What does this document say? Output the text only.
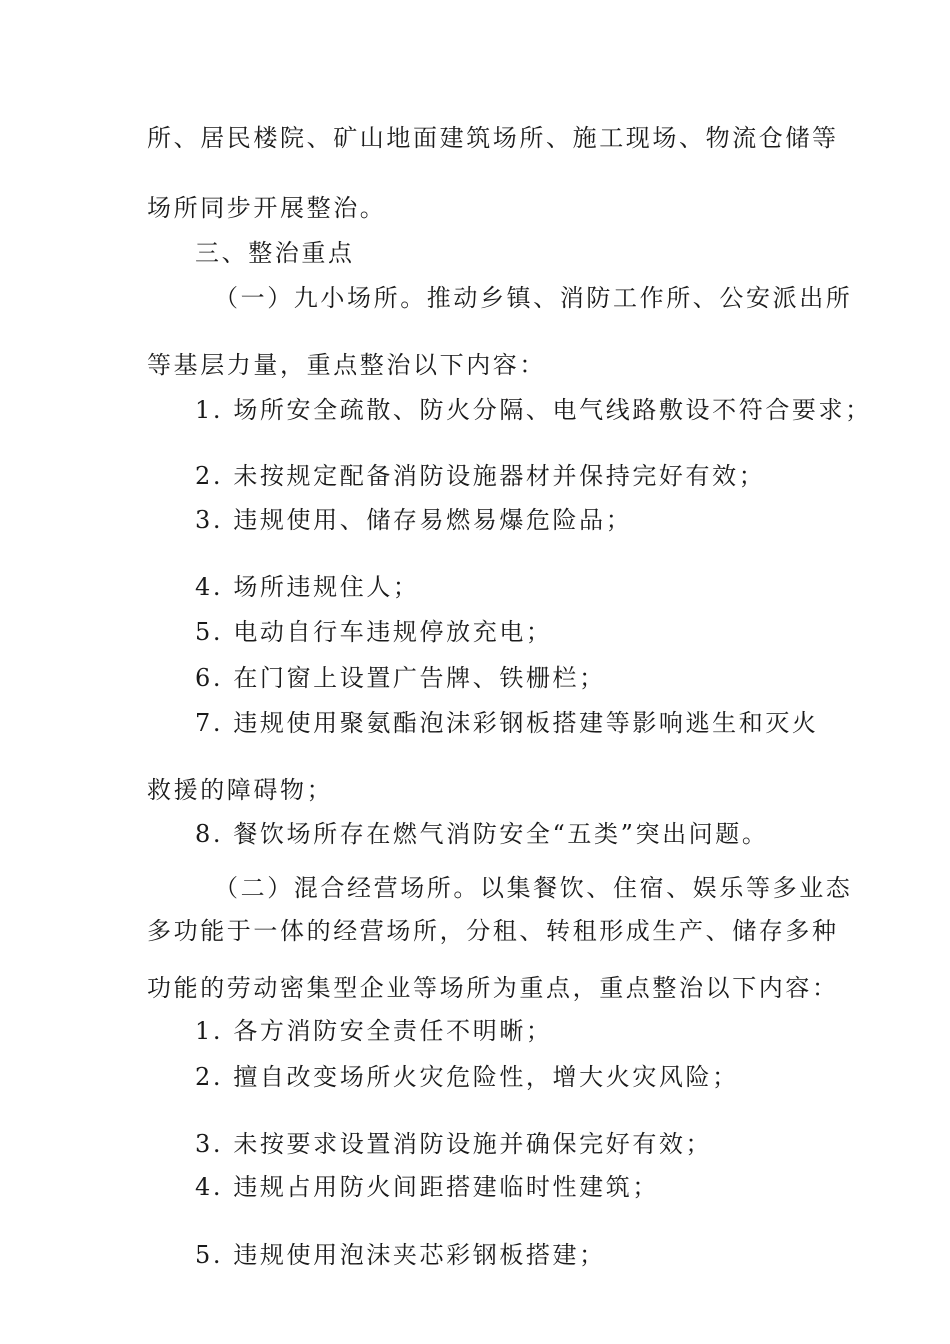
所、居民楼院、矿山地面建筑场所、施工现场、物流仓储等
场所同步开展整治。
三、整治重点
（一）九小场所。推动乡镇、消防工作所、公安派出所
等基层力量，重点整治以下内容：
1. 场所安全疏散、防火分隔、电气线路敷设不符合要求；
2. 未按规定配备消防设施器材并保持完好有效；
3. 违规使用、储存易燃易爆危险品；
4. 场所违规住人；
5. 电动自行车违规停放充电；
6. 在门窗上设置广告牌、铁栅栏；
7. 违规使用聚氨酯泡沫彩钢板搭建等影响逃生和灭火
救援的障碍物；
8. 餐饮场所存在燃气消防安全“五类”突出问题。
（二）混合经营场所。以集餐饮、住宿、娱乐等多业态
多功能于一体的经营场所，分租、转租形成生产、储存多种
功能的劳动密集型企业等场所为重点，重点整治以下内容：
1. 各方消防安全责任不明晰；
2. 擅自改变场所火灾危险性，增大火灾风险；
3. 未按要求设置消防设施并确保完好有效；
4. 违规占用防火间距搭建临时性建筑；
5. 违规使用泡沫夹芯彩钢板搭建；
